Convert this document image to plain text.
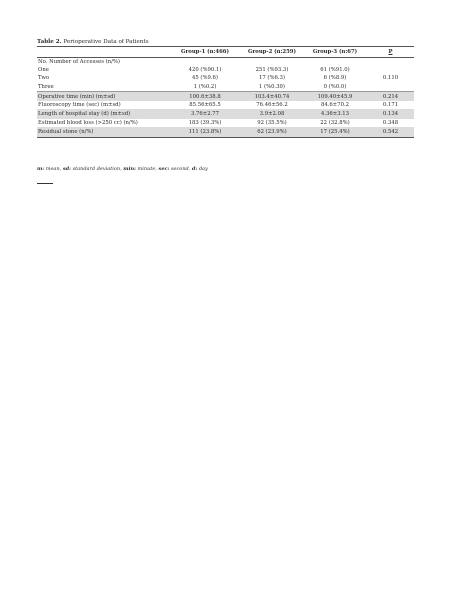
Table 2. Perioperative Data of Patients
	Group-1 (n:466)	Group-2 (n:259)	Group-3 (n:67)	P
No. Number of Accesses (n/%)				
One	420 (%90.1)	251 (%93.3)	61 (%91.0)	0.110
Two	45 (%9.6)	17 (%6.3)	6 (%8.9)	
Three	1 (%0.2)	1 (%0.39)	0 (%0.0)	
Operative time (min) (m±sd)	100.6±38.8	103.4±40.74	109.40±45.9	0.214
Fluoroscopy time (sec) (m±sd)	85.56±65.5	76.46±56.2	84.6±70.2	0.171
Length of hospital stay (d) (m±sd)	3.76±2.77	3.9±2.08	4.36±3.13	0.134
Estimated blood loss (>250 cc) (n/%)	183 (39.3%)	92 (35.5%)	22 (32.8%)	0.348
Residual stone (n/%)	111 (23.8%)	62 (23.9%)	17 (25.4%)	0.542
m: mean, sd: standard deviation, min: minute, sec: second, d: day
